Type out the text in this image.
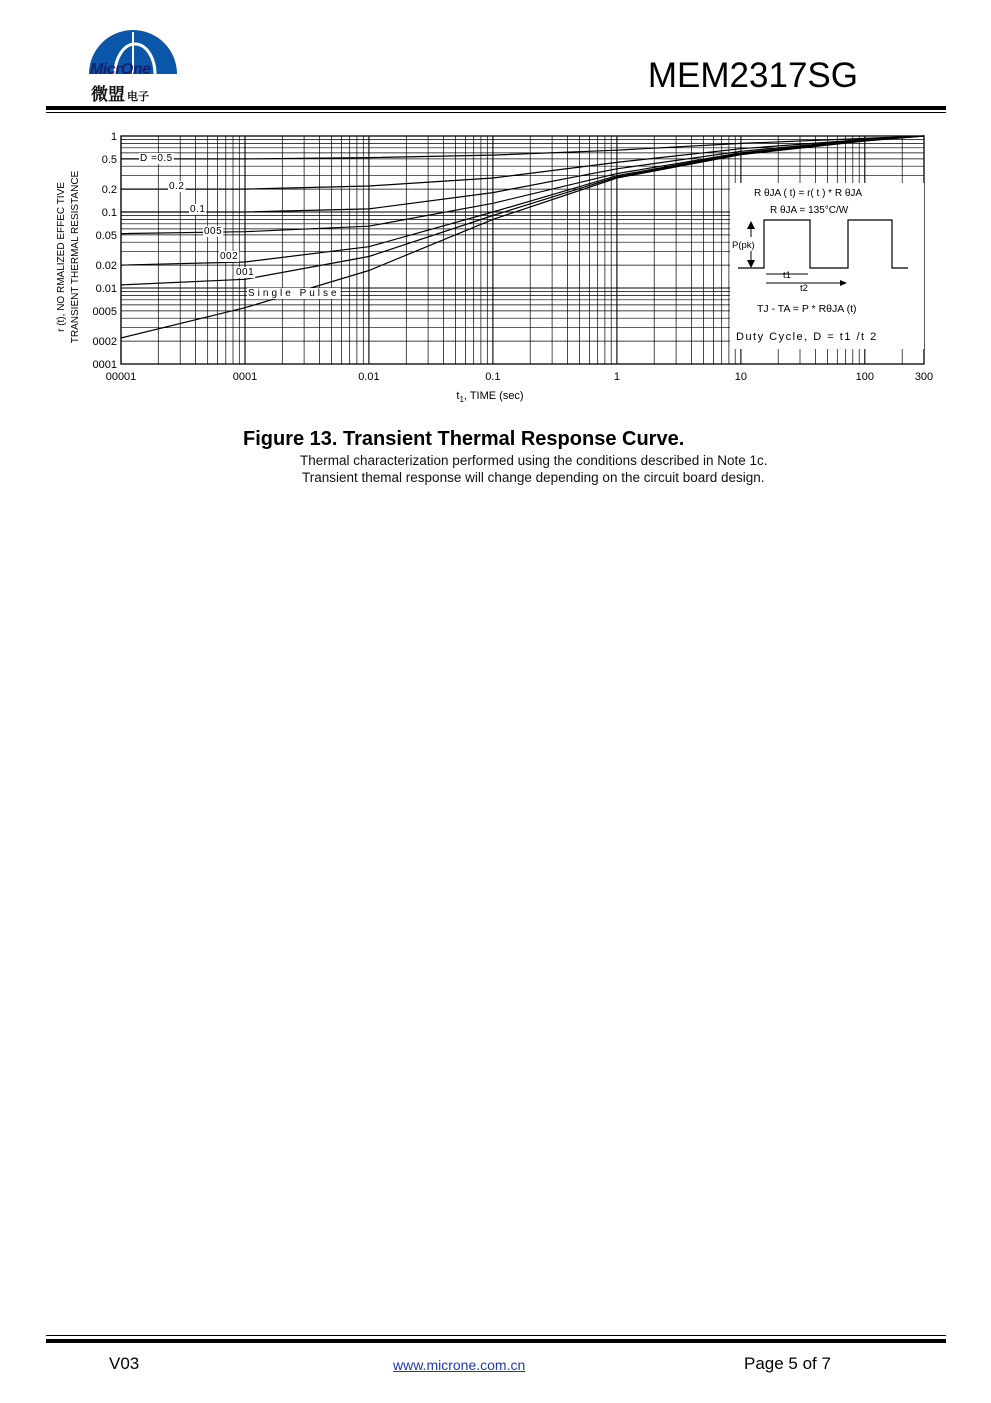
MicrOne
微盟 电子
MEM2317SG
D =0.5
0.2
0.1
005
002
001
Single Pulse
00001	0001	0.01	0.1	1	10	100	300
1
0.5
0.2
0.1
0.05
0.02
0.01
0005
0002
0001
$t_1$, TIME (sec)
r (t), NO RMALIZED EFFEC TIVE TRANSIENT THERMAL RESISTANCE	R θJA ( t) = r( t ) * R θJA
R θJA = 135°C/W
P(pk)
t1
t2
TJ - TA = P * RθJA (t)
Duty Cycle, D = t1 /t 2
Figure 13. Transient Thermal Response Curve.
Thermal characterization performed using the conditions described in Note 1c.
Transient themal response will change depending on the circuit board design.
V03	www.microne.com.cn	Page 5 of 7
